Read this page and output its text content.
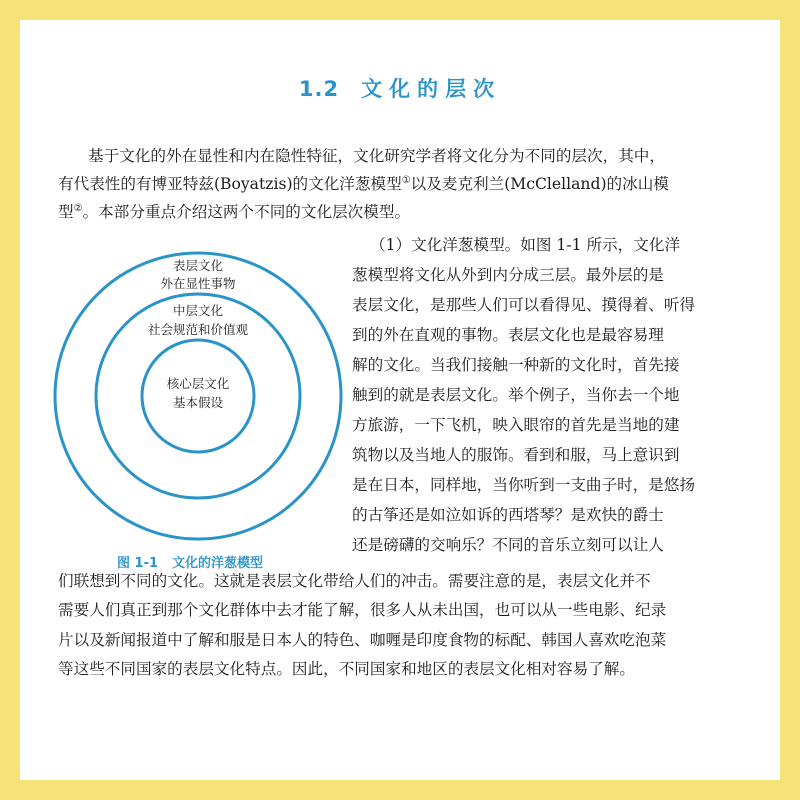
1.2 文化的层次

基于文化的外在显性和内在隐性特征，文化研究学者将文化分为不同的层次，其中，

有代表性的有博亚特兹(Boyatzis)的文化洋葱模型①以及麦克利兰(McClelland)的冰山模

型②。本部分重点介绍这两个不同的文化层次模型。

表层文化
外在显性事物
中层文化
社会规范和价值观
核心层文化
基本假设

图 1-1 文化的洋葱模型

（1）文化洋葱模型。如图 1-1 所示，文化洋

葱模型将文化从外到内分成三层。最外层的是

表层文化，是那些人们可以看得见、摸得着、听得

到的外在直观的事物。表层文化也是最容易理

解的文化。当我们接触一种新的文化时，首先接

触到的就是表层文化。举个例子，当你去一个地

方旅游，一下飞机，映入眼帘的首先是当地的建

筑物以及当地人的服饰。看到和服，马上意识到

是在日本，同样地，当你听到一支曲子时，是悠扬

的古筝还是如泣如诉的西塔琴？是欢快的爵士

还是磅礴的交响乐？不同的音乐立刻可以让人

们联想到不同的文化。这就是表层文化带给人们的冲击。需要注意的是，表层文化并不

需要人们真正到那个文化群体中去才能了解，很多人从未出国，也可以从一些电影、纪录

片以及新闻报道中了解和服是日本人的特色、咖喱是印度食物的标配、韩国人喜欢吃泡菜

等这些不同国家的表层文化特点。因此，不同国家和地区的表层文化相对容易了解。
